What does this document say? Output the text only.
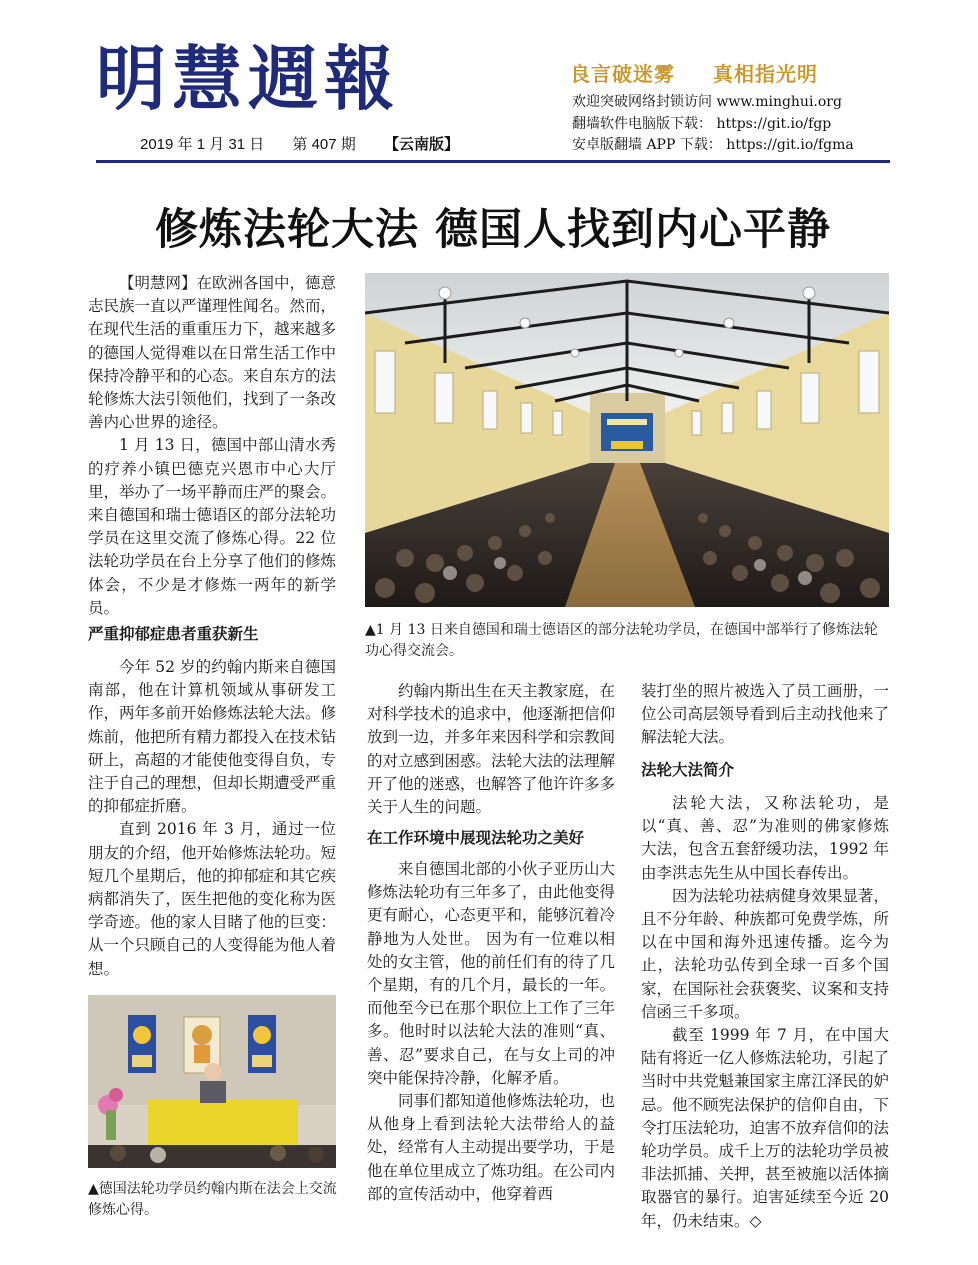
明慧週報
2019 年 1 月 31 日 第 407 期 【云南版】
良言破迷雾 真相指光明
欢迎突破网络封锁访问 www.minghui.org
翻墙软件电脑版下载： https://git.io/fgp
安卓版翻墙 APP 下载： https://git.io/fgma
修炼法轮大法 德国人找到内心平静

【明慧网】在欧洲各国中，德意志民族一直以严谨理性闻名。然而，在现代生活的重重压力下，越来越多的德国人觉得难以在日常生活工作中保持冷静平和的心态。来自东方的法轮修炼大法引领他们，找到了一条改善内心世界的途径。

1 月 13 日，德国中部山清水秀的疗养小镇巴德克兴恩市中心大厅里，举办了一场平静而庄严的聚会。来自德国和瑞士德语区的部分法轮功学员在这里交流了修炼心得。22 位法轮功学员在台上分享了他们的修炼体会，不少是才修炼一两年的新学员。

严重抑郁症患者重获新生

今年 52 岁的约翰内斯来自德国南部，他在计算机领域从事研发工作，两年多前开始修炼法轮大法。修炼前，他把所有精力都投入在技术钻研上，高超的才能使他变得自负，专注于自己的理想，但却长期遭受严重的抑郁症折磨。

直到 2016 年 3 月，通过一位朋友的介绍，他开始修炼法轮功。短短几个星期后，他的抑郁症和其它疾病都消失了，医生把他的变化称为医学奇迹。他的家人目睹了他的巨变：从一个只顾自己的人变得能为他人着想。

▲1 月 13 日来自德国和瑞士德语区的部分法轮功学员，在德国中部举行了修炼法轮功心得交流会。

约翰内斯出生在天主教家庭，在对科学技术的追求中，他逐渐把信仰放到一边，并多年来因科学和宗教间的对立感到困惑。法轮大法的法理解开了他的迷惑，也解答了他许许多多关于人生的问题。

在工作环境中展现法轮功之美好

来自德国北部的小伙子亚历山大修炼法轮功有三年多了，由此他变得更有耐心，心态更平和，能够沉着冷静地为人处世。 因为有一位难以相处的女主管，他的前任们有的待了几个星期，有的几个月，最长的一年。而他至今已在那个职位上工作了三年多。他时时以法轮大法的准则“真、善、忍”要求自己，在与女上司的冲突中能保持冷静，化解矛盾。

同事们都知道他修炼法轮功，也从他身上看到法轮大法带给人的益处，经常有人主动提出要学功，于是他在单位里成立了炼功组。在公司内部的宣传活动中，他穿着西

装打坐的照片被选入了员工画册，一位公司高层领导看到后主动找他来了解法轮大法。

法轮大法简介

法轮大法，又称法轮功，是以“真、善、忍”为准则的佛家修炼大法，包含五套舒缓功法，1992 年由李洪志先生从中国长春传出。

因为法轮功祛病健身效果显著，且不分年龄、种族都可免费学炼，所以在中国和海外迅速传播。迄今为止，法轮功弘传到全球一百多个国家，在国际社会获褒奖、议案和支持信函三千多项。

截至 1999 年 7 月，在中国大陆有将近一亿人修炼法轮功，引起了当时中共党魁兼国家主席江泽民的妒忌。他不顾宪法保护的信仰自由，下令打压法轮功，迫害不放弃信仰的法轮功学员。成千上万的法轮功学员被非法抓捕、关押，甚至被施以活体摘取器官的暴行。迫害延续至今近 20 年，仍未结束。◇

▲德国法轮功学员约翰内斯在法会上交流修炼心得。
